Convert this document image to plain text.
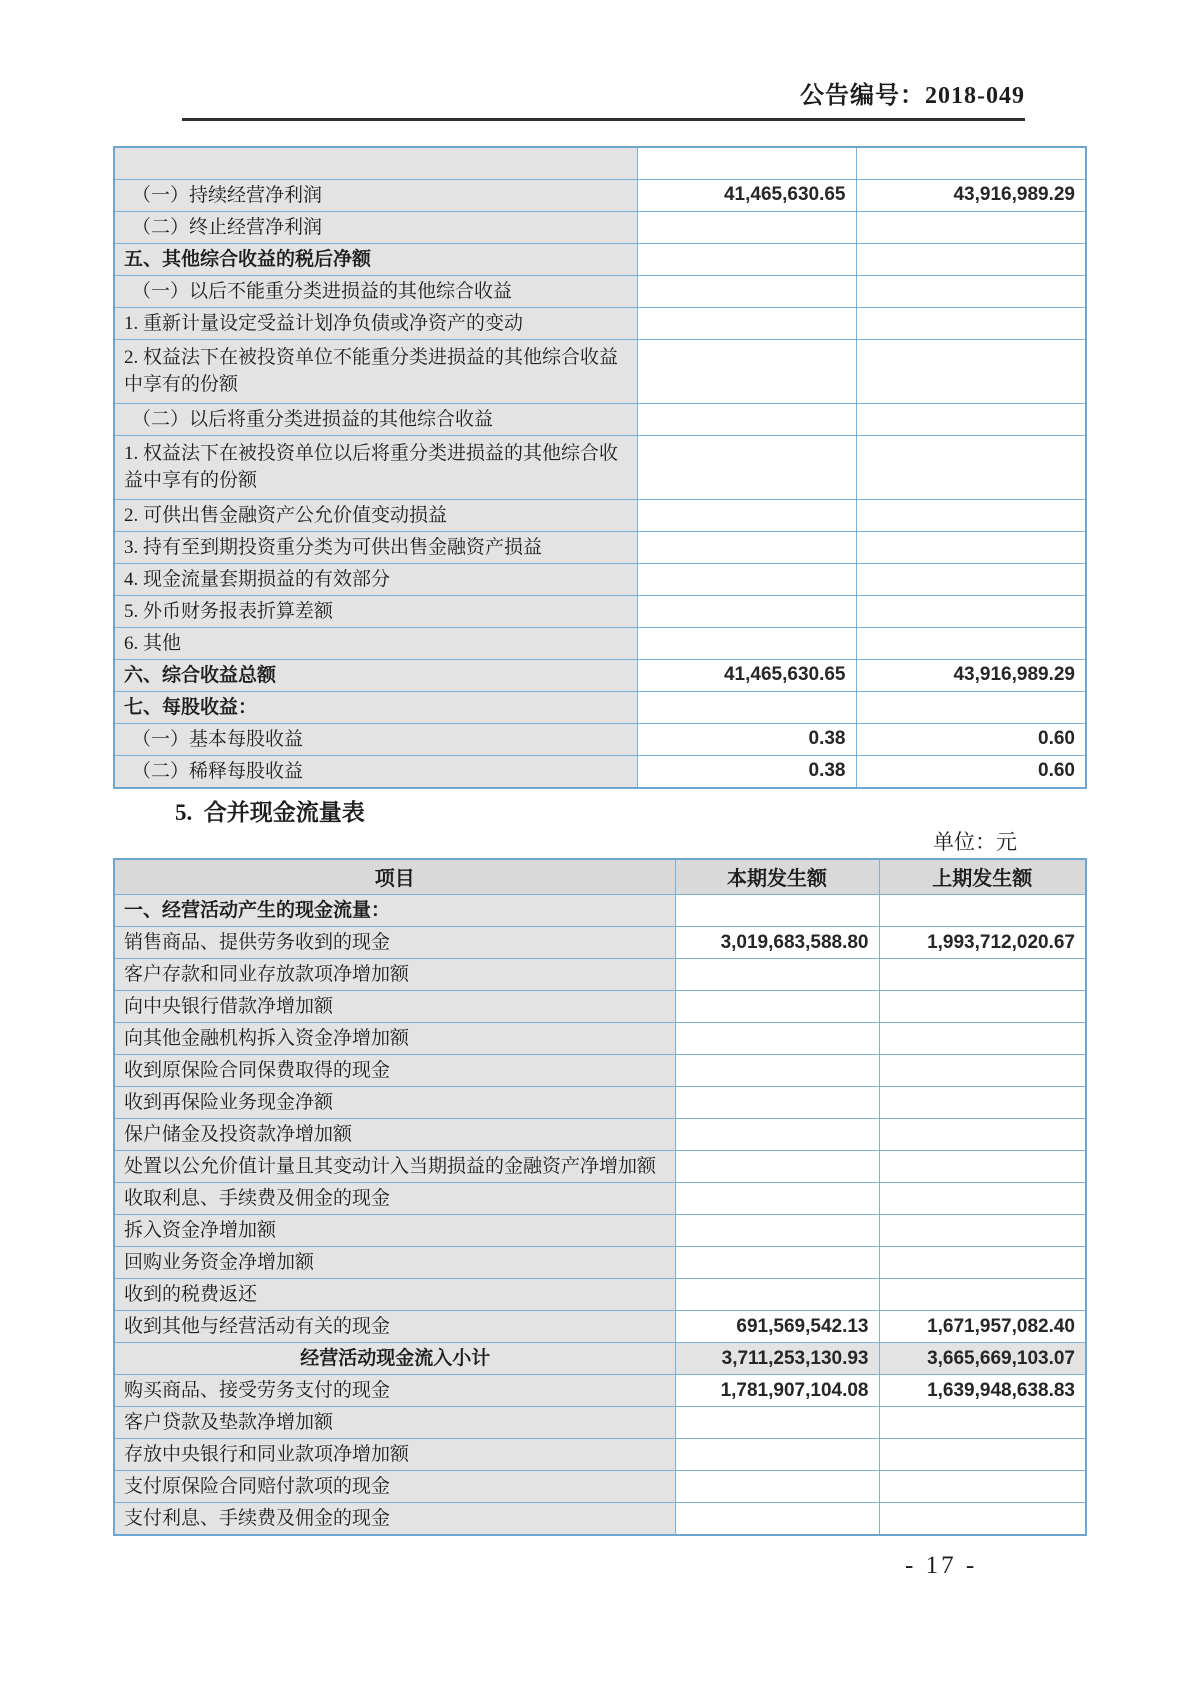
公告编号：2018-049

（一）持续经营净利润	41,465,630.65	43,916,989.29
（二）终止经营净利润		
五、其他综合收益的税后净额		
（一）以后不能重分类进损益的其他综合收益		
1. 重新计量设定受益计划净负债或净资产的变动		
2. 权益法下在被投资单位不能重分类进损益的其他综合收益中享有的份额		
（二）以后将重分类进损益的其他综合收益		
1. 权益法下在被投资单位以后将重分类进损益的其他综合收益中享有的份额		
2. 可供出售金融资产公允价值变动损益		
3. 持有至到期投资重分类为可供出售金融资产损益		
4. 现金流量套期损益的有效部分		
5. 外币财务报表折算差额		
6. 其他		
六、综合收益总额	41,465,630.65	43,916,989.29
七、每股收益：		
（一）基本每股收益	0.38	0.60
（二）稀释每股收益	0.38	0.60
5.  合并现金流量表
单位：元
项目	本期发生额	上期发生额
一、经营活动产生的现金流量：		
销售商品、提供劳务收到的现金	3,019,683,588.80	1,993,712,020.67
客户存款和同业存放款项净增加额		
向中央银行借款净增加额		
向其他金融机构拆入资金净增加额		
收到原保险合同保费取得的现金		
收到再保险业务现金净额		
保户储金及投资款净增加额		
处置以公允价值计量且其变动计入当期损益的金融资产净增加额		
收取利息、手续费及佣金的现金		
拆入资金净增加额		
回购业务资金净增加额		
收到的税费返还		
收到其他与经营活动有关的现金	691,569,542.13	1,671,957,082.40
经营活动现金流入小计	3,711,253,130.93	3,665,669,103.07
购买商品、接受劳务支付的现金	1,781,907,104.08	1,639,948,638.83
客户贷款及垫款净增加额		
存放中央银行和同业款项净增加额		
支付原保险合同赔付款项的现金		
支付利息、手续费及佣金的现金		
- 17 -
